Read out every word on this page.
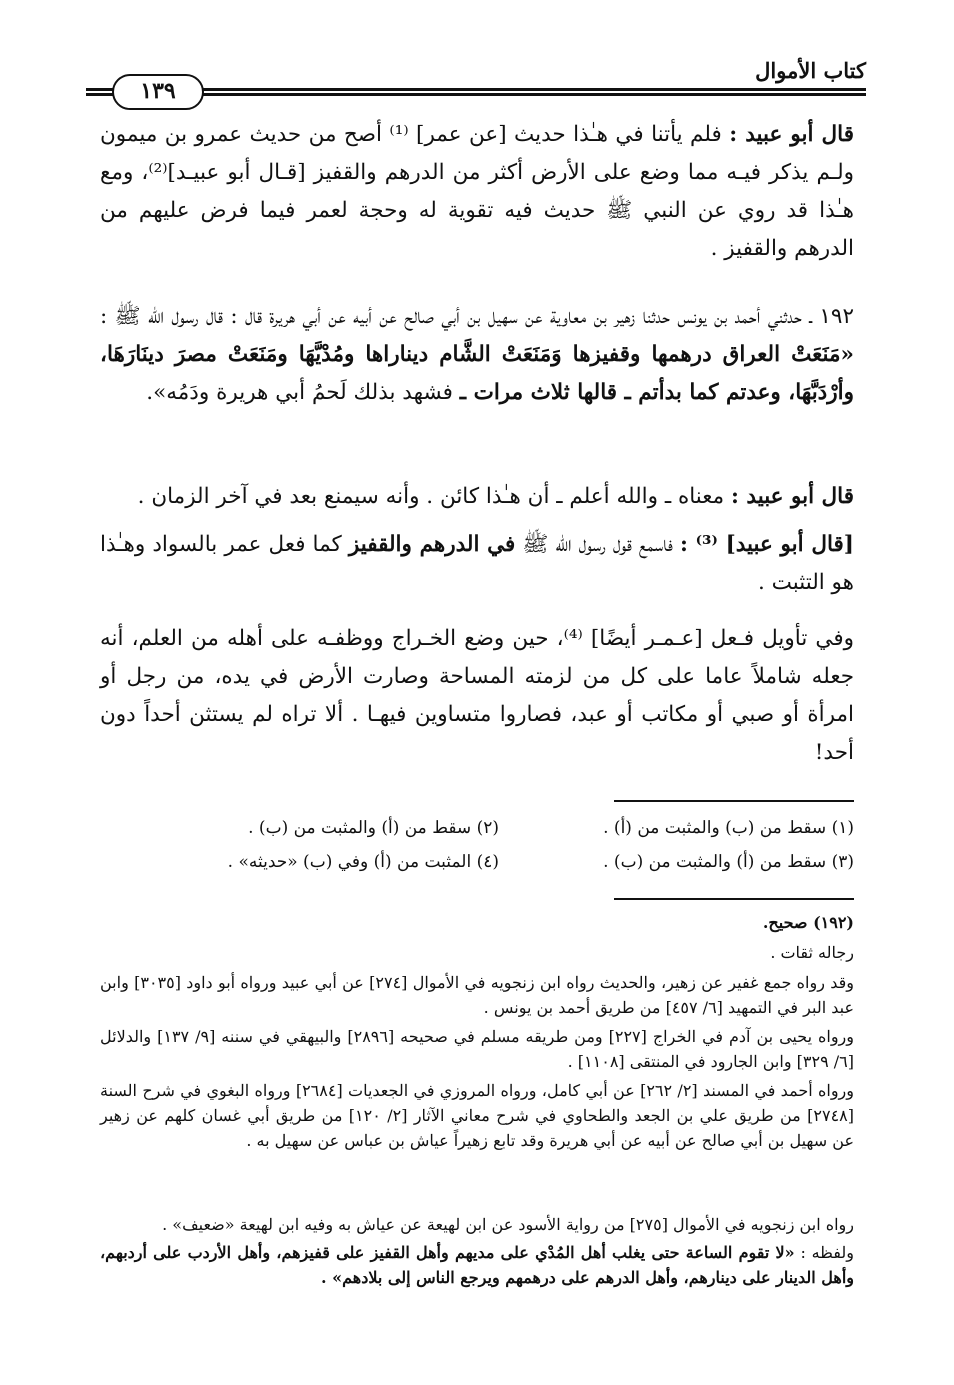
كتاب الأموال
١٣٩

قال أبو عبيد : فلم يأتنا في هـٰذا حديث [عن عمر] ⁽¹⁾ أصح من حديث عمرو بن ميمون ولـم يذكر فيـه مما وضع على الأرض أكثر من الدرهم والقفيز [قـال أبو عبيـد]⁽²⁾، ومع هـٰذا قد روي عن النبي ﷺ حديث فيه تقوية له وحجة لعمر فيما فرض عليهم من الدرهم والقفيز .

١٩٢ ـ حدثني أحمد بن يونس حدثنا زهير بن معاوية عن سهيل بن أبي صالح عن أبيه عن أبي هريرة قال : قال رسول الله ﷺ : «مَنَعَتْ العراق درهمها وقفيزها وَمَنَعَتْ الشَّام ديناراها ومُدْيَّهَا ومَنَعَتْ مصرَ دينَارَهَا، وأرْدَبَّهَا، وعدتم كما بدأتم ـ قالها ثلاث مرات ـ فشهد بذلك لَحمُ أبي هريرة ودَمُه».

قال أبو عبيد : معناه ـ والله أعلم ـ أن هـٰذا كائن . وأنه سيمنع بعد في آخر الزمان .

[قال أبو عبيد] ⁽³⁾ : فاسمع قول رسول الله ﷺ في الدرهم والقفيز كما فعل عمر بالسواد وهـٰذا هو التثبت .

وفي تأويل فـعل [عـمـر أيضًا] ⁽⁴⁾، حين وضع الخـراج ووظفـه على أهله من العلم، أنه جعله شاملاً عاما على كل من لزمته المساحة وصارت الأرض في يده، من رجل أو امرأة أو صبي أو مكاتب أو عبد، فصاروا متساوين فيهـا . ألا تراه لم يستثن أحداً دون أحد!

(١) سقط من (ب) والمثبت من (أ) .
(٢) سقط من (أ) والمثبت من (ب) .
(٣) سقط من (أ) والمثبت من (ب) .
(٤) المثبت من (أ) وفي (ب) «حديثه» .

(١٩٢) صحيح.

رجاله ثقات .

وقد رواه جمع غفير عن زهير، والحديث رواه ابن زنجويه في الأموال [٢٧٤] عن أبي عبيد ورواه أبو داود [٣٠٣٥] وابن عبد البر في التمهيد [٦/ ٤٥٧] من طريق أحمد بن يونس .

ورواه يحيى بن آدم في الخراج [٢٢٧] ومن طريقه مسلم في صحيحه [٢٨٩٦] والبيهقي في سننه [٩/ ١٣٧] والدلائل [٦/ ٣٢٩] وابن الجارود في المنتقى [١١٠٨] .

ورواه أحمد في المسند [٢/ ٢٦٢] عن أبي كامل، ورواه المروزي في الجعديات [٢٦٨٤] ورواه البغوي في شرح السنة [٢٧٤٨] من طريق علي بن الجعد والطحاوي في شرح معاني الآثار [٢/ ١٢٠] من طريق أبي غسان كلهم عن زهير عن سهيل بن أبي صالح عن أبيه عن أبي هريرة وقد تابع زهيراً عياش بن عباس عن سهيل به .

رواه ابن زنجويه في الأموال [٢٧٥] من رواية الأسود عن ابن لهيعة عن عياش به وفيه ابن لهيعة «ضعيف» .

ولفظه : «لا تقوم الساعة حتى يغلب أهل المُدْي على مديهم وأهل القفيز على قفيزهم، وأهل الأردب على أردبهم، وأهل الدينار على دينارهم، وأهل الدرهم على درهمهم ويرجع الناس إلى بلادهم» .
